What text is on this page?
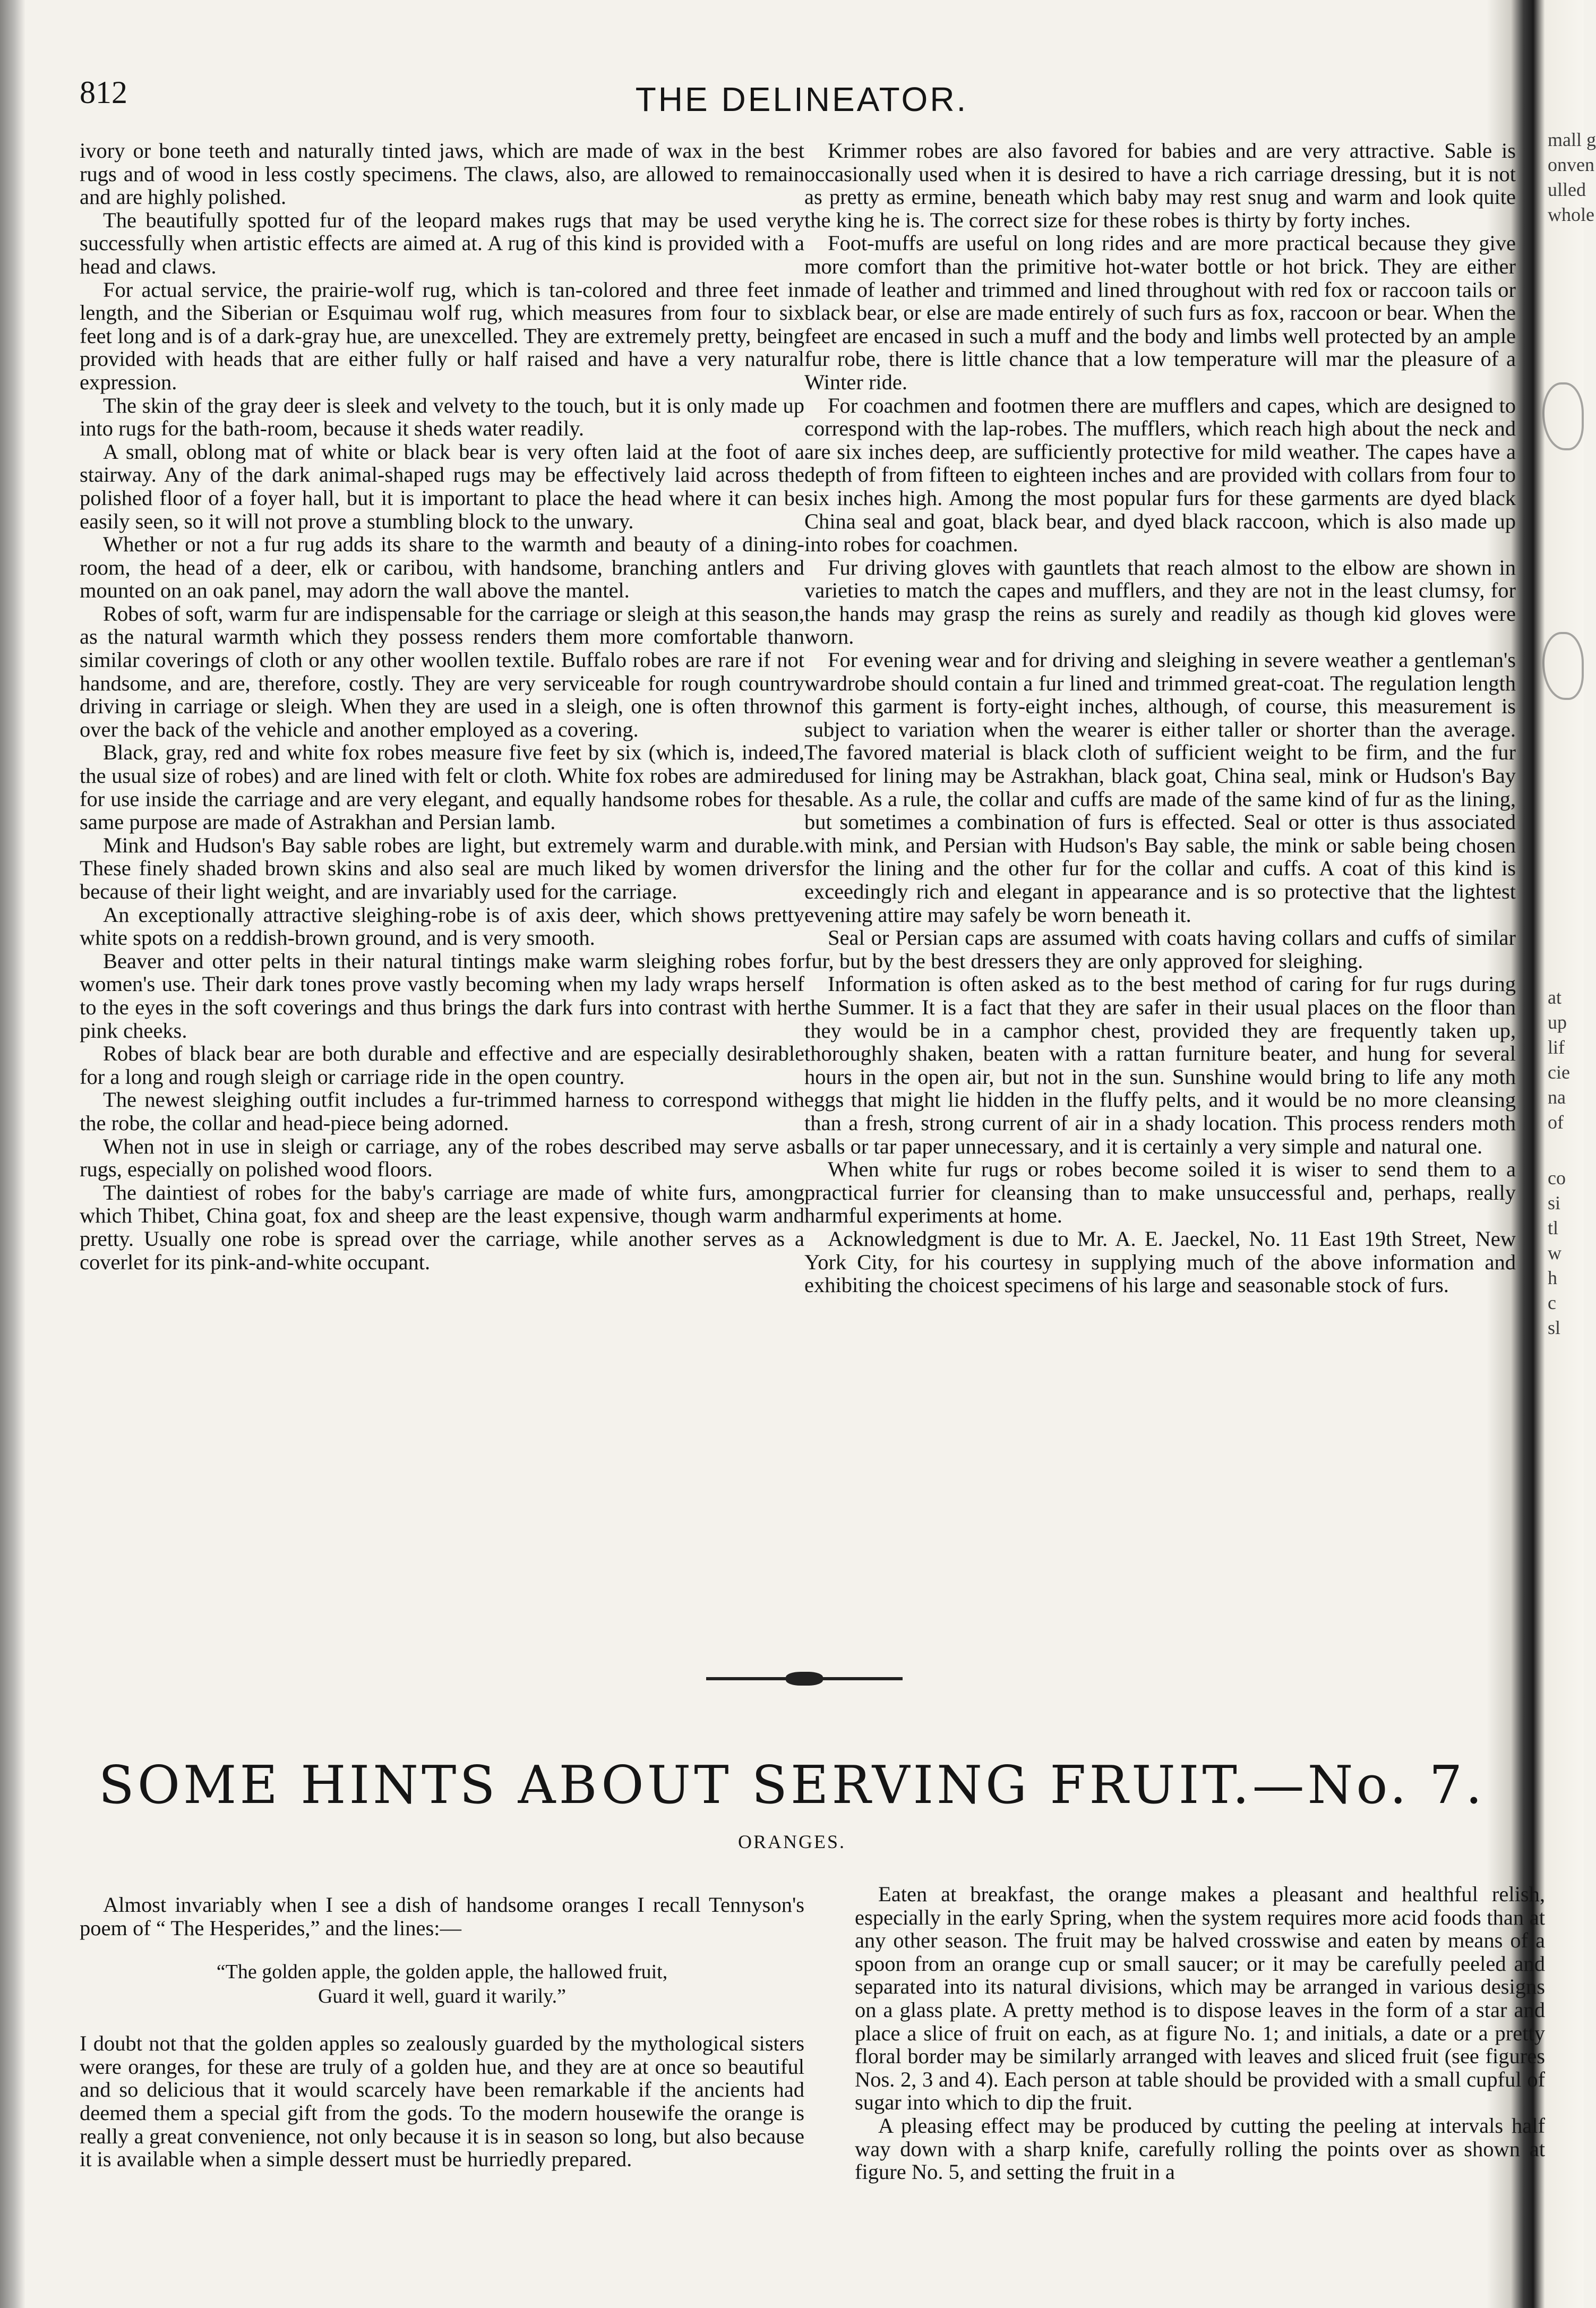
mall g
onven
ulled
whole
at
up
lif
cie
na
of
co
si
tl
w
h
c
sl
812	THE DELINEATOR.

ivory or bone teeth and naturally tinted jaws, which are made of wax in the best rugs and of wood in less costly specimens. The claws, also, are allowed to remain and are highly polished.

The beautifully spotted fur of the leopard makes rugs that may be used very successfully when artistic effects are aimed at. A rug of this kind is provided with a head and claws.

For actual service, the prairie-wolf rug, which is tan-colored and three feet in length, and the Siberian or Esquimau wolf rug, which measures from four to six feet long and is of a dark-gray hue, are unexcelled. They are extremely pretty, being provided with heads that are either fully or half raised and have a very natural expression.

The skin of the gray deer is sleek and velvety to the touch, but it is only made up into rugs for the bath-room, because it sheds water readily.

A small, oblong mat of white or black bear is very often laid at the foot of a stairway. Any of the dark animal-shaped rugs may be effectively laid across the polished floor of a foyer hall, but it is important to place the head where it can be easily seen, so it will not prove a stumbling block to the unwary.

Whether or not a fur rug adds its share to the warmth and beauty of a dining-room, the head of a deer, elk or caribou, with handsome, branching antlers and mounted on an oak panel, may adorn the wall above the mantel.

Robes of soft, warm fur are indispensable for the carriage or sleigh at this season, as the natural warmth which they possess renders them more comfortable than similar coverings of cloth or any other woollen textile. Buffalo robes are rare if not handsome, and are, therefore, costly. They are very serviceable for rough country driving in carriage or sleigh. When they are used in a sleigh, one is often thrown over the back of the vehicle and another employed as a covering.

Black, gray, red and white fox robes measure five feet by six (which is, indeed, the usual size of robes) and are lined with felt or cloth. White fox robes are admired for use inside the carriage and are very elegant, and equally handsome robes for the same purpose are made of Astrakhan and Persian lamb.

Mink and Hudson's Bay sable robes are light, but extremely warm and durable. These finely shaded brown skins and also seal are much liked by women drivers because of their light weight, and are invariably used for the carriage.

An exceptionally attractive sleighing-robe is of axis deer, which shows pretty white spots on a reddish-brown ground, and is very smooth.

Beaver and otter pelts in their natural tintings make warm sleighing robes for women's use. Their dark tones prove vastly becoming when my lady wraps herself to the eyes in the soft coverings and thus brings the dark furs into contrast with her pink cheeks.

Robes of black bear are both durable and effective and are especially desirable for a long and rough sleigh or carriage ride in the open country.

The newest sleighing outfit includes a fur-trimmed harness to correspond with the robe, the collar and head-piece being adorned.

When not in use in sleigh or carriage, any of the robes described may serve as rugs, especially on polished wood floors.

The daintiest of robes for the baby's carriage are made of white furs, among which Thibet, China goat, fox and sheep are the least expensive, though warm and pretty. Usually one robe is spread over the carriage, while another serves as a coverlet for its pink-and-white occupant.

Krimmer robes are also favored for babies and are very attractive. Sable is occasionally used when it is desired to have a rich carriage dressing, but it is not as pretty as ermine, beneath which baby may rest snug and warm and look quite the king he is. The correct size for these robes is thirty by forty inches.

Foot-muffs are useful on long rides and are more practical because they give more comfort than the primitive hot-water bottle or hot brick. They are either made of leather and trimmed and lined throughout with red fox or raccoon tails or black bear, or else are made entirely of such furs as fox, raccoon or bear. When the feet are encased in such a muff and the body and limbs well protected by an ample fur robe, there is little chance that a low temperature will mar the pleasure of a Winter ride.

For coachmen and footmen there are mufflers and capes, which are designed to correspond with the lap-robes. The mufflers, which reach high about the neck and are six inches deep, are sufficiently protective for mild weather. The capes have a depth of from fifteen to eighteen inches and are provided with collars from four to six inches high. Among the most popular furs for these garments are dyed black China seal and goat, black bear, and dyed black raccoon, which is also made up into robes for coachmen.

Fur driving gloves with gauntlets that reach almost to the elbow are shown in varieties to match the capes and mufflers, and they are not in the least clumsy, for the hands may grasp the reins as surely and readily as though kid gloves were worn.

For evening wear and for driving and sleighing in severe weather a gentleman's wardrobe should contain a fur lined and trimmed great-coat. The regulation length of this garment is forty-eight inches, although, of course, this measurement is subject to variation when the wearer is either taller or shorter than the average. The favored material is black cloth of sufficient weight to be firm, and the fur used for lining may be Astrakhan, black goat, China seal, mink or Hudson's Bay sable. As a rule, the collar and cuffs are made of the same kind of fur as the lining, but sometimes a combination of furs is effected. Seal or otter is thus associated with mink, and Persian with Hudson's Bay sable, the mink or sable being chosen for the lining and the other fur for the collar and cuffs. A coat of this kind is exceedingly rich and elegant in appearance and is so protective that the lightest evening attire may safely be worn beneath it.

Seal or Persian caps are assumed with coats having collars and cuffs of similar fur, but by the best dressers they are only approved for sleighing.

Information is often asked as to the best method of caring for fur rugs during the Summer. It is a fact that they are safer in their usual places on the floor than they would be in a camphor chest, provided they are frequently taken up, thoroughly shaken, beaten with a rattan furniture beater, and hung for several hours in the open air, but not in the sun. Sunshine would bring to life any moth eggs that might lie hidden in the fluffy pelts, and it would be no more cleansing than a fresh, strong current of air in a shady location. This process renders moth balls or tar paper unnecessary, and it is certainly a very simple and natural one.

When white fur rugs or robes become soiled it is wiser to send them to a practical furrier for cleansing than to make unsuccessful and, perhaps, really harmful experiments at home.

Acknowledgment is due to Mr. A. E. Jaeckel, No. 11 East 19th Street, New York City, for his courtesy in supplying much of the above information and exhibiting the choicest specimens of his large and seasonable stock of furs.

SOME HINTS ABOUT SERVING FRUIT.—No. 7.
ORANGES.

Almost invariably when I see a dish of handsome oranges I recall Tennyson's poem of “ The Hesperides,” and the lines:—

“The golden apple, the golden apple, the hallowed fruit,
Guard it well, guard it warily.”

I doubt not that the golden apples so zealously guarded by the mythological sisters were oranges, for these are truly of a golden hue, and they are at once so beautiful and so delicious that it would scarcely have been remarkable if the ancients had deemed them a special gift from the gods. To the modern housewife the orange is really a great convenience, not only because it is in season so long, but also because it is available when a simple dessert must be hurriedly prepared.

Eaten at breakfast, the orange makes a pleasant and healthful relish, especially in the early Spring, when the system requires more acid foods than at any other season. The fruit may be halved crosswise and eaten by means of a spoon from an orange cup or small saucer; or it may be carefully peeled and separated into its natural divisions, which may be arranged in various designs on a glass plate. A pretty method is to dispose leaves in the form of a star and place a slice of fruit on each, as at figure No. 1; and initials, a date or a pretty floral border may be similarly arranged with leaves and sliced fruit (see figures Nos. 2, 3 and 4). Each person at table should be provided with a small cupful of sugar into which to dip the fruit.

A pleasing effect may be produced by cutting the peeling at intervals half way down with a sharp knife, carefully rolling the points over as shown at figure No. 5, and setting the fruit in a
